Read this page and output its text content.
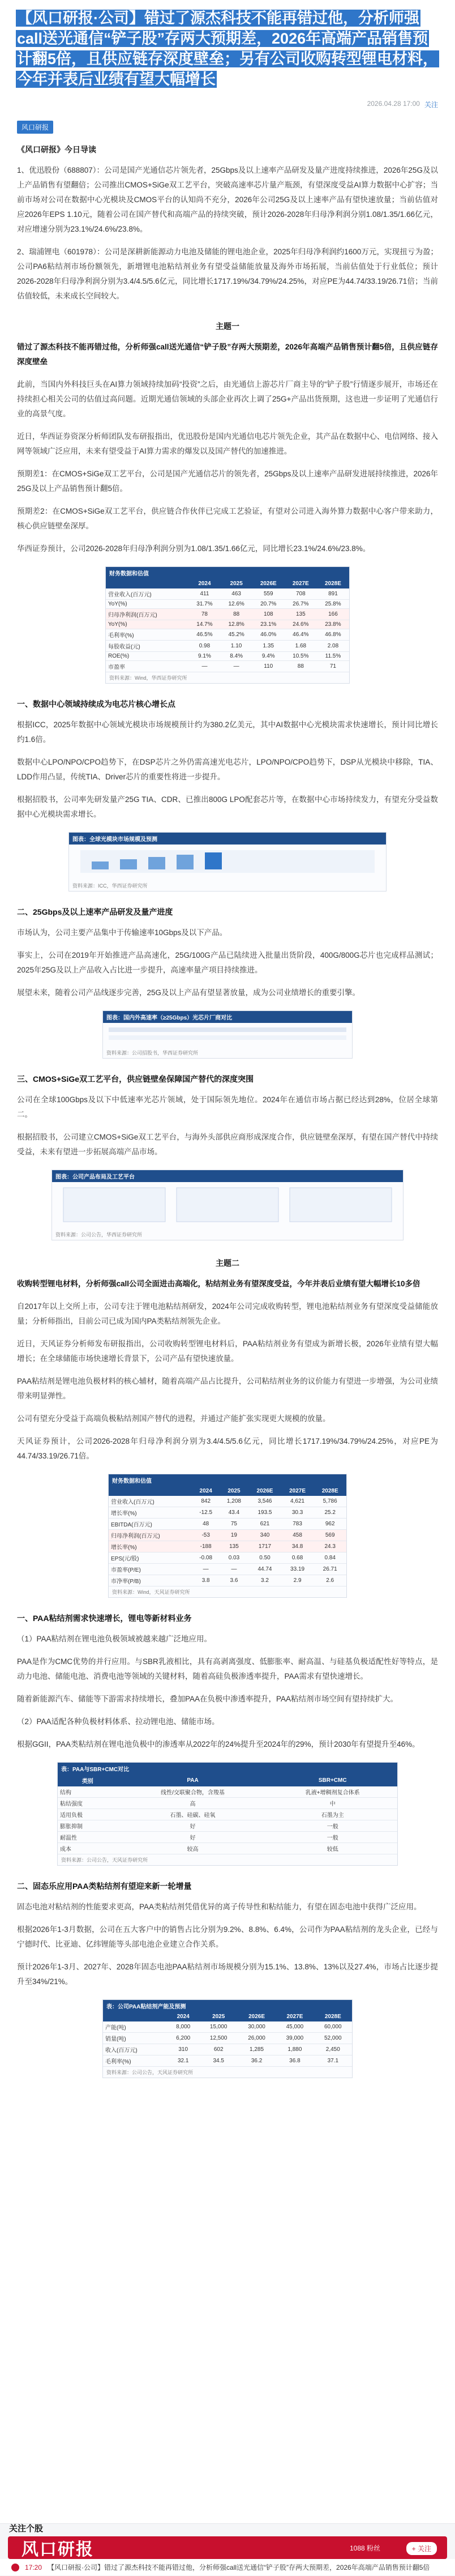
【风口研报·公司】错过了源杰科技不能再错过他，分析师强call送光通信“铲子股”存两大预期差，2026年高端产品销售预计翻5倍，且供应链存深度壁垒；另有公司收购转型锂电材料，今年并表后业绩有望大幅增长
2026.04.28 17:00 关注
风口研报
《风口研报》今日导读
1、优迅股份（688807）：公司是国产光通信芯片领先者，25Gbps及以上速率产品研发及量产进度持续推进，2026年25G及以上产品销售有望翻倍；公司推出CMOS+SiGe双工艺平台，突破高速率芯片量产瓶颈，有望深度受益AI算力数据中心扩容；当前市场对公司在数据中心光模块及CMOS平台的认知尚不充分，2026年公司25G及以上速率产品有望快速放量；当前估值对应2026年EPS 1.10元，随着公司在国产替代和高端产品的持续突破，预计2026-2028年归母净利润分别1.08/1.35/1.66亿元，对应增速分别为23.1%/24.6%/23.8%。
2、瑞浦锂电（601978）：公司是深耕新能源动力电池及储能的锂电池企业，2025年归母净利润约1600万元，实现扭亏为盈；公司PA6粘结剂市场份额领先，新增锂电池粘结剂业务有望受益储能放量及海外市场拓展，当前估值处于行业低位；预计2026-2028年归母净利润分别为3.4/4.5/5.6亿元，同比增长1717.19%/34.79%/24.25%，对应PE为44.74/33.19/26.71倍；当前估值较低，未来成长空间较大。
主题一
错过了源杰科技不能再错过他，分析师强call送光通信“铲子股”存两大预期差，2026年高端产品销售预计翻5倍，且供应链存深度壁垒
此前，当国内外科技巨头在AI算力领域持续加码“投资”之后，由光通信上游芯片厂商主导的“铲子股”行情逐步展开，市场还在持续担心相关公司的估值过高问题。近期光通信领域的头部企业再次上调了25G+产品出货预期，这也进一步证明了光通信行业的高景气度。
近日，华西证券资深分析师团队发布研报指出，优迅股份是国内光通信电芯片领先企业，其产品在数据中心、电信网络、接入网等领域广泛应用，未来有望受益于AI算力需求的爆发以及国产替代的加速推进。
预期差1：在CMOS+SiGe双工艺平台，公司是国产光通信芯片的领先者，25Gbps及以上速率产品研发进展持续推进，2026年25G及以上产品销售预计翻5倍。
预期差2：在CMOS+SiGe双工艺平台，供应链合作伙伴已完成工艺验证，有望对公司进入海外算力数据中心客户带来助力，核心供应链壁垒深厚。
华西证券预计，公司2026-2028年归母净利润分别为1.08/1.35/1.66亿元，同比增长23.1%/24.6%/23.8%。
财务数据和估值
	2024	2025	2026E	2027E	2028E
营业收入(百万元)	411	463	559	708	891
YoY(%)	31.7%	12.6%	20.7%	26.7%	25.8%
归母净利润(百万元)	78	88	108	135	166
YoY(%)	14.7%	12.8%	23.1%	24.6%	23.8%
毛利率(%)	46.5%	45.2%	46.0%	46.4%	46.8%
每股收益(元)	0.98	1.10	1.35	1.68	2.08
ROE(%)	9.1%	8.4%	9.4%	10.5%	11.5%
市盈率	—	—	110	88	71
资料来源：Wind，华西证券研究所
一、数据中心领域持续成为电芯片核心增长点
根据ICC，2025年数据中心领域光模块市场规模预计约为380.2亿美元，其中AI数据中心光模块需求快速增长，预计同比增长约1.6倍。
数据中心LPO/NPO/CPO趋势下，在DSP芯片之外仍需高速光电芯片，LPO/NPO/CPO趋势下，DSP从光模块中移除，TIA、LDD作用凸显，传统TIA、Driver芯片的重要性将进一步提升。
根据招股书，公司率先研发量产25G TIA、CDR、已推出800G LPO配套芯片等，在数据中心市场持续发力，有望充分受益数据中心光模块需求增长。
图表：全球光模块市场规模及预测
资料来源：ICC，华西证券研究所
二、25Gbps及以上速率产品研发及量产进度
市场认为，公司主要产品集中于传输速率10Gbps及以下产品。
事实上，公司在2019年开始推进产品高速化，25G/100G产品已陆续进入批量出货阶段，400G/800G芯片也完成样品测试；2025年25G及以上产品收入占比进一步提升，高速率量产项目持续推进。
展望未来，随着公司产品线逐步完善，25G及以上产品有望显著放量，成为公司业绩增长的重要引擎。
图表：国内外高速率（≥25Gbps）光芯片厂商对比
资料来源：公司招股书，华西证券研究所
三、CMOS+SiGe双工艺平台，供应链壁垒保障国产替代的深度突围
公司在全球100Gbps及以下中低速率光芯片领域，处于国际领先地位。2024年在通信市场占据已经达到28%，位居全球第二。
根据招股书，公司建立CMOS+SiGe双工艺平台，与海外头部供应商形成深度合作，供应链壁垒深厚，有望在国产替代中持续受益，未来有望进一步拓展高端产品市场。
图表：公司产品布局及工艺平台
资料来源：公司公告，华西证券研究所
主题二
收购转型锂电材料，分析师强call公司全面进击高端化，粘结剂业务有望深度受益，今年并表后业绩有望大幅增长10多倍
自2017年以上交所上市，公司专注于锂电池粘结剂研发，2024年公司完成收购转型，锂电池粘结剂业务有望深度受益储能放量；分析师指出，目前公司已成为国内PA类粘结剂领先企业。
近日，天风证券分析师发布研报指出，公司收购转型锂电材料后，PAA粘结剂业务有望成为新增长极，2026年业绩有望大幅增长；在全球储能市场快速增长背景下，公司产品有望快速放量。
PAA粘结剂是锂电池负极材料的核心辅材，随着高端产品占比提升，公司粘结剂业务的议价能力有望进一步增强，为公司业绩带来明显弹性。
公司有望充分受益于高端负极粘结剂国产替代的进程，并通过产能扩张实现更大规模的放量。
天风证券预计，公司2026-2028年归母净利润分别为3.4/4.5/5.6亿元，同比增长1717.19%/34.79%/24.25%，对应PE为44.74/33.19/26.71倍。
财务数据和估值
	2024	2025	2026E	2027E	2028E
营业收入(百万元)	842	1,208	3,546	4,621	5,786
增长率(%)	-12.5	43.4	193.5	30.3	25.2
EBITDA(百万元)	48	75	621	783	962
归母净利润(百万元)	-53	19	340	458	569
增长率(%)	-188	135	1717	34.8	24.3
EPS(元/股)	-0.08	0.03	0.50	0.68	0.84
市盈率(P/E)	—	—	44.74	33.19	26.71
市净率(P/B)	3.8	3.6	3.2	2.9	2.6
资料来源：Wind，天风证券研究所
一、PAA粘结剂需求快速增长，锂电等新材料业务
（1）PAA粘结剂在锂电池负极领域被越来越广泛地应用。
PAA是作为CMC优势的并行应用。与SBR乳液相比，具有高剥离强度、低膨胀率、耐高温、与硅基负极适配性好等特点，是动力电池、储能电池、消费电池等领域的关键材料，随着高硅负极渗透率提升，PAA需求有望快速增长。
随着新能源汽车、储能等下游需求持续增长，叠加PAA在负极中渗透率提升，PAA粘结剂市场空间有望持续扩大。
（2）PAA适配各种负极材料体系、拉动锂电池、储能市场。
根据GGII，PAA类粘结剂在锂电池负极中的渗透率从2022年的24%提升至2024年的29%，预计2030年有望提升至46%。
表：PAA与SBR+CMC对比
类别	PAA	SBR+CMC
结构	线性/交联聚合物，含羧基	乳液+增稠剂复合体系
粘结强度	高	中
适用负极	石墨、硅碳、硅氧	石墨为主
膨胀抑制	好	一般
耐温性	好	一般
成本	较高	较低
资料来源：公司公告，天风证券研究所
二、固态乐应用PAA类粘结剂有望迎来新一轮增量
固态电池对粘结剂的性能要求更高，PAA类粘结剂凭借优异的离子传导性和粘结能力，有望在固态电池中获得广泛应用。
根据2026年1-3月数据，公司在五大客户中的销售占比分别为9.2%、8.8%、6.4%，公司作为PAA粘结剂的龙头企业，已经与宁德时代、比亚迪、亿纬锂能等头部电池企业建立合作关系。
预计2026年1-3月、2027年、2028年固态电池PAA粘结剂市场规模分别为15.1%、13.8%、13%以及27.4%，市场占比逐步提升至34%/21%。
表：公司PAA粘结剂产能及预测
	2024	2025	2026E	2027E	2028E
产能(吨)	8,000	15,000	30,000	45,000	60,000
销量(吨)	6,200	12,500	26,000	39,000	52,000
收入(百万元)	310	602	1,285	1,880	2,450
毛利率(%)	32.1	34.5	36.2	36.8	37.1
资料来源：公司公告，天风证券研究所
关注个股
风口研报	1088 粉丝	+ 关注
17:20 【风口研报·公司】错过了源杰科技不能再错过他，分析师强call送光通信“铲子股”存两大预期差，2026年高端产品销售预计翻5倍
